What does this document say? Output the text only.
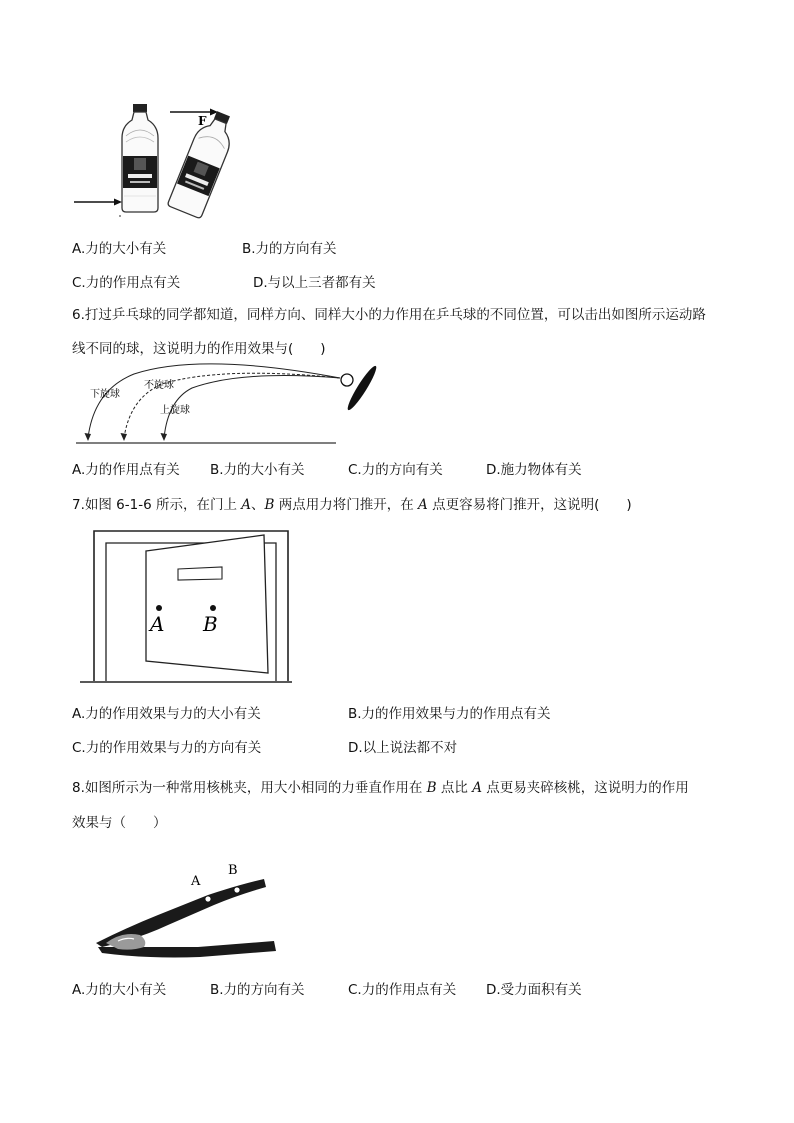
F
A.力的大小有关	B.力的方向有关
C.力的作用点有关	D.与以上三者都有关
6.打过乒乓球的同学都知道，同样方向、同样大小的力作用在乒乓球的不同位置，可以击出如图所示运动路
线不同的球，这说明力的作用效果与(　　)
下旋球
不旋球
上旋球
A.力的作用点有关 B.力的大小有关	C.力的方向有关	D.施力物体有关
7.如图 6-1-6 所示，在门上 A、B 两点用力将门推开，在 A 点更容易将门推开，这说明(　　)
A B
A.力的作用效果与力的大小有关	B.力的作用效果与力的作用点有关
C.力的作用效果与力的方向有关	D.以上说法都不对
8.如图所示为一种常用核桃夹，用大小相同的力垂直作用在 B 点比 A 点更易夹碎核桃，这说明力的作用
效果与（　　）
A
B
A.力的大小有关	B.力的方向有关	C.力的作用点有关 D.受力面积有关
